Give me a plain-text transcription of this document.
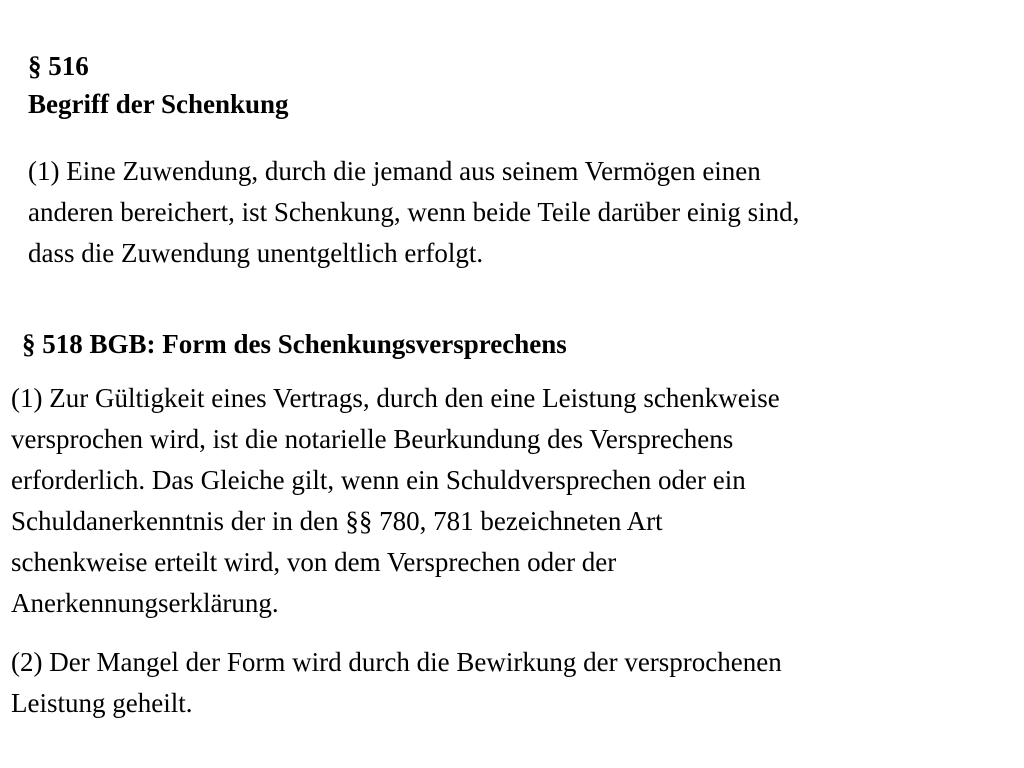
§ 516
Begriff der Schenkung

(1) Eine Zuwendung, durch die jemand aus seinem Vermögen einen
anderen bereichert, ist Schenkung, wenn beide Teile darüber einig sind,
dass die Zuwendung unentgeltlich erfolgt.

§ 518 BGB: Form des Schenkungsversprechens

(1) Zur Gültigkeit eines Vertrags, durch den eine Leistung schenkweise
versprochen wird, ist die notarielle Beurkundung des Versprechens
erforderlich. Das Gleiche gilt, wenn ein Schuldversprechen oder ein
Schuldanerkenntnis der in den §§ 780, 781 bezeichneten Art
schenkweise erteilt wird, von dem Versprechen oder der
Anerkennungserklärung.

(2) Der Mangel der Form wird durch die Bewirkung der versprochenen
Leistung geheilt.
